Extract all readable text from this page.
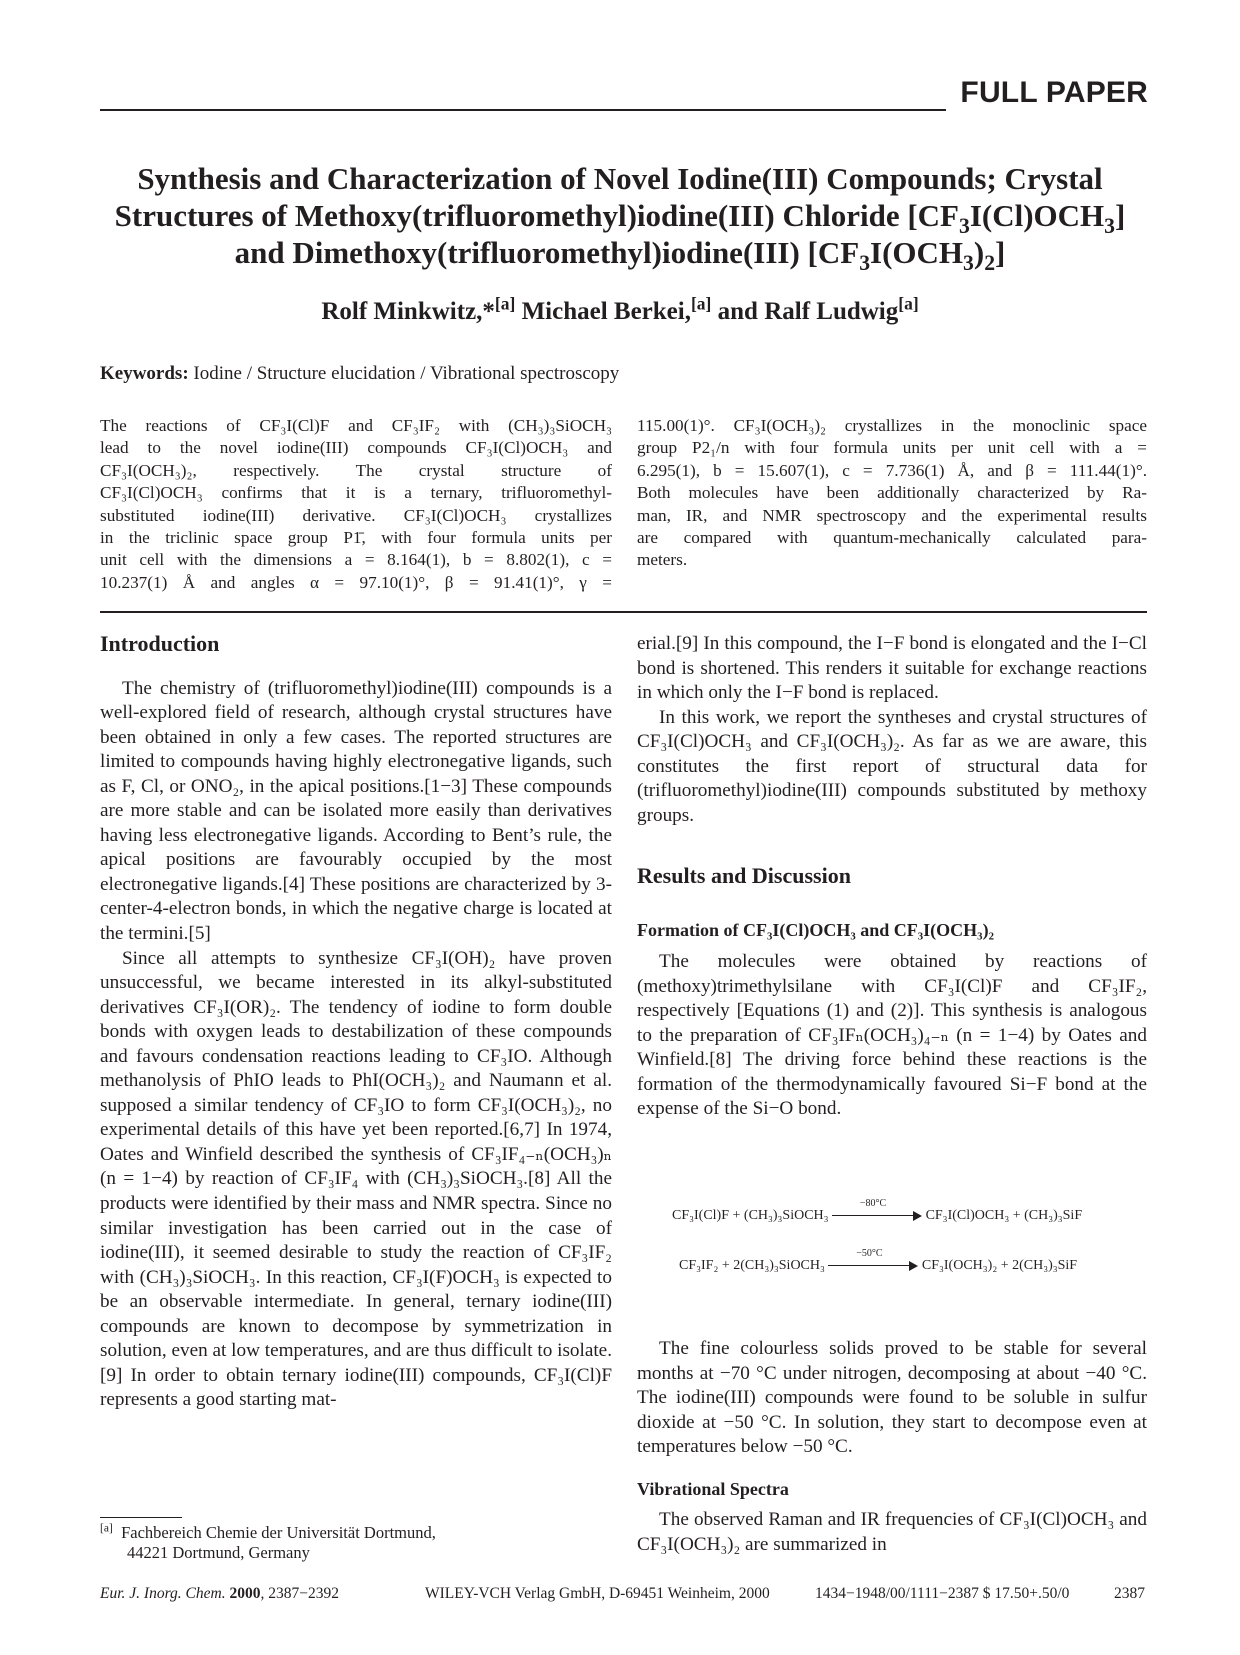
FULL PAPER
Synthesis and Characterization of Novel Iodine(III) Compounds; Crystal
Structures of Methoxy(trifluoromethyl)iodine(III) Chloride $[CF_3I(Cl)OCH_3]$
and Dimethoxy(trifluoromethyl)iodine(III) $[CF_3I(OCH_3)_2]$
Rolf Minkwitz,*[a] Michael Berkei,[a] and Ralf Ludwig[a]
Keywords: Iodine / Structure elucidation / Vibrational spectroscopy
The reactions of CF₃I(Cl)F and CF₃IF₂ with (CH₃)₃SiOCH₃
lead to the novel iodine(III) compounds CF₃I(Cl)OCH₃ and
CF₃I(OCH₃)₂, respectively. The crystal structure of
CF₃I(Cl)OCH₃ confirms that it is a ternary, trifluoromethyl-
substituted iodine(III) derivative. CF₃I(Cl)OCH₃ crystallizes
in the triclinic space group P1̄, with four formula units per
unit cell with the dimensions a = 8.164(1), b = 8.802(1), c =
10.237(1) Å and angles α = 97.10(1)°, β = 91.41(1)°, γ =
115.00(1)°. CF₃I(OCH₃)₂ crystallizes in the monoclinic space
group P2₁/n with four formula units per unit cell with a =
6.295(1), b = 15.607(1), c = 7.736(1) Å, and β = 111.44(1)°.
Both molecules have been additionally characterized by Ra-
man, IR, and NMR spectroscopy and the experimental results
are compared with quantum-mechanically calculated para-
meters.
Introduction

The chemistry of (trifluoromethyl)iodine(III) compounds is a well-explored field of research, although crystal structures have been obtained in only a few cases. The reported structures are limited to compounds having highly electronegative ligands, such as F, Cl, or ONO₂, in the apical positions.[1−3] These compounds are more stable and can be isolated more easily than derivatives having less electronegative ligands. According to Bent’s rule, the apical positions are favourably occupied by the most electronegative ligands.[4] These positions are characterized by 3-center-4-electron bonds, in which the negative charge is located at the termini.[5]

Since all attempts to synthesize CF₃I(OH)₂ have proven unsuccessful, we became interested in its alkyl-substituted derivatives CF₃I(OR)₂. The tendency of iodine to form double bonds with oxygen leads to destabilization of these compounds and favours condensation reactions leading to CF₃IO. Although methanolysis of PhIO leads to PhI(OCH₃)₂ and Naumann et al. supposed a similar tendency of CF₃IO to form CF₃I(OCH₃)₂, no experimental details of this have yet been reported.[6,7] In 1974, Oates and Winfield described the synthesis of CF₃IF₄₋ₙ(OCH₃)ₙ (n = 1−4) by reaction of CF₃IF₄ with (CH₃)₃SiOCH₃.[8] All the products were identified by their mass and NMR spectra. Since no similar investigation has been carried out in the case of iodine(III), it seemed desirable to study the reaction of CF₃IF₂ with (CH₃)₃SiOCH₃. In this reaction, CF₃I(F)OCH₃ is expected to be an observable intermediate. In general, ternary iodine(III) compounds are known to decompose by symmetrization in solution, even at low temperatures, and are thus difficult to isolate.[9] In order to obtain ternary iodine(III) compounds, CF₃I(Cl)F represents a good starting mat-

erial.[9] In this compound, the I−F bond is elongated and the I−Cl bond is shortened. This renders it suitable for exchange reactions in which only the I−F bond is replaced.

In this work, we report the syntheses and crystal structures of CF₃I(Cl)OCH₃ and CF₃I(OCH₃)₂. As far as we are aware, this constitutes the first report of structural data for (trifluoromethyl)iodine(III) compounds substituted by methoxy groups.

Results and Discussion
Formation of CF₃I(Cl)OCH₃ and CF₃I(OCH₃)₂

The molecules were obtained by reactions of (methoxy)trimethylsilane with CF₃I(Cl)F and CF₃IF₂, respectively [Equations (1) and (2)]. This synthesis is analogous to the preparation of CF₃IFₙ(OCH₃)₄₋ₙ (n = 1−4) by Oates and Winfield.[8] The driving force behind these reactions is the formation of the thermodynamically favoured Si−F bond at the expense of the Si−O bond.

CF₃I(Cl)F + (CH₃)₃SiOCH₃
−80°C
CF₃I(Cl)OCH₃ + (CH₃)₃SiF
CF₃IF₂ + 2(CH₃)₃SiOCH₃
−50°C
CF₃I(OCH₃)₂ + 2(CH₃)₃SiF

The fine colourless solids proved to be stable for several months at −70 °C under nitrogen, decomposing at about −40 °C. The iodine(III) compounds were found to be soluble in sulfur dioxide at −50 °C. In solution, they start to decompose even at temperatures below −50 °C.

Vibrational Spectra

The observed Raman and IR frequencies of CF₃I(Cl)OCH₃ and CF₃I(OCH₃)₂ are summarized in

[a] Fachbereich Chemie der Universität Dortmund,
44221 Dortmund, Germany
Eur. J. Inorg. Chem. 2000, 2387−2392	WILEY-VCH Verlag GmbH, D-69451 Weinheim, 2000	1434−1948/00/1111−2387 $ 17.50+.50/0	2387
